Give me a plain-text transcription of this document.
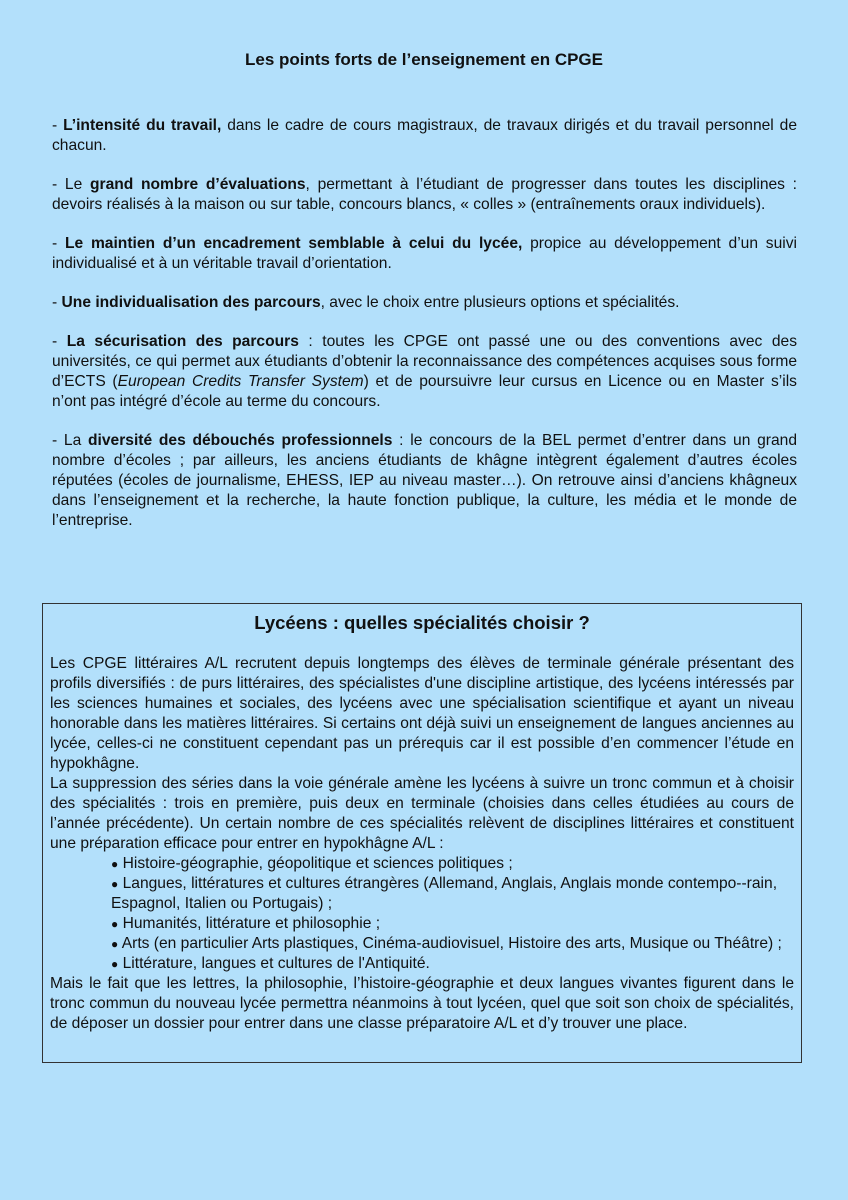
Les points forts de l’enseignement en CPGE

- L’intensité du travail, dans le cadre de cours magistraux, de travaux dirigés et du travail personnel de chacun.

- Le grand nombre d’évaluations, permettant à l’étudiant de progresser dans toutes les disciplines : devoirs réalisés à la maison ou sur table, concours blancs, « colles » (entraînements oraux individuels).

- Le maintien d’un encadrement semblable à celui du lycée, propice au développement d’un suivi individualisé et à un véritable travail d’orientation.

- Une individualisation des parcours, avec le choix entre plusieurs options et spécialités.

- La sécurisation des parcours : toutes les CPGE ont passé une ou des conventions avec des universités, ce qui permet aux étudiants d’obtenir la reconnaissance des compétences acquises sous forme d’ECTS (European Credits Transfer System) et de poursuivre leur cursus en Licence ou en Master s’ils n’ont pas intégré d’école au terme du concours.

- La diversité des débouchés professionnels : le concours de la BEL permet d’entrer dans un grand nombre d’écoles ; par ailleurs, les anciens étudiants de khâgne intègrent également d’autres écoles réputées (écoles de journalisme, EHESS, IEP au niveau master…). On retrouve ainsi d’anciens khâgneux dans l’enseignement et la recherche, la haute fonction publique, la culture, les média et le monde de l’entreprise.

Lycéens : quelles spécialités choisir ?

Les CPGE littéraires A/L recrutent depuis longtemps des élèves de terminale générale présentant des profils diversifiés : de purs littéraires, des spécialistes d'une discipline artistique, des lycéens intéressés par les sciences humaines et sociales, des lycéens avec une spécialisation scientifique et ayant un niveau honorable dans les matières littéraires. Si certains ont déjà suivi un enseignement de langues anciennes au lycée, celles-ci ne constituent cependant pas un prérequis car il est possible d’en commencer l’étude en hypokhâgne.

La suppression des séries dans la voie générale amène les lycéens à suivre un tronc commun et à choisir des spécialités : trois en première, puis deux en terminale (choisies dans celles étudiées au cours de l’année précédente). Un certain nombre de ces spécialités relèvent de disciplines littéraires et constituent une préparation efficace pour entrer en hypokhâgne A/L :

● Histoire-géographie, géopolitique et sciences politiques ;
● Langues, littératures et cultures étrangères (Allemand, Anglais, Anglais monde contempo--rain, Espagnol, Italien ou Portugais) ;
● Humanités, littérature et philosophie ;
● Arts (en particulier Arts plastiques, Cinéma-audiovisuel, Histoire des arts, Musique ou Théâtre) ;
● Littérature, langues et cultures de l'Antiquité.

Mais le fait que les lettres, la philosophie, l’histoire-géographie et deux langues vivantes figurent dans le tronc commun du nouveau lycée permettra néanmoins à tout lycéen, quel que soit son choix de spécialités, de déposer un dossier pour entrer dans une classe préparatoire A/L et d’y trouver une place.
